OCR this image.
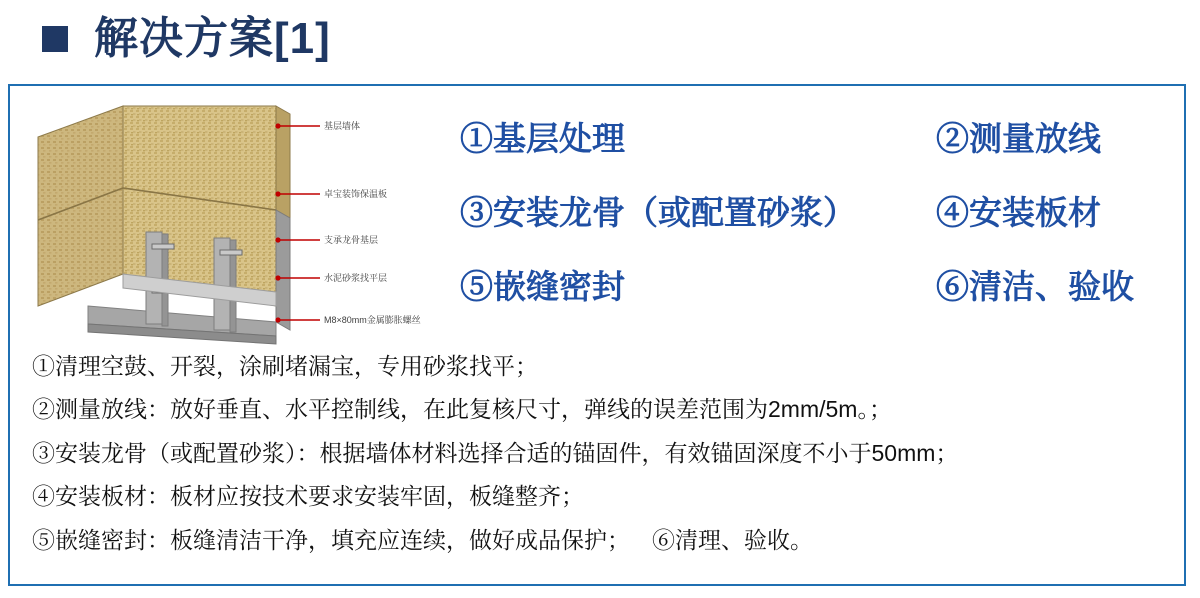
解决方案[1]
基层墙体
卓宝装饰保温板
支承龙骨基层
水泥砂浆找平层
M8×80mm金属膨胀螺丝
①基层处理	②测量放线
③安装龙骨（或配置砂浆） ④安装板材
⑤嵌缝密封	⑥清洁、验收
①清理空鼓、开裂，涂刷堵漏宝，专用砂浆找平；
②测量放线：放好垂直、水平控制线，在此复核尺寸，弹线的误差范围为2mm/5m。；
③安装龙骨（或配置砂浆）：根据墙体材料选择合适的锚固件，有效锚固深度不小于50mm；
④安装板材：板材应按技术要求安装牢固，板缝整齐；
⑤嵌缝密封：板缝清洁干净，填充应连续，做好成品保护； ⑥清理、验收。
